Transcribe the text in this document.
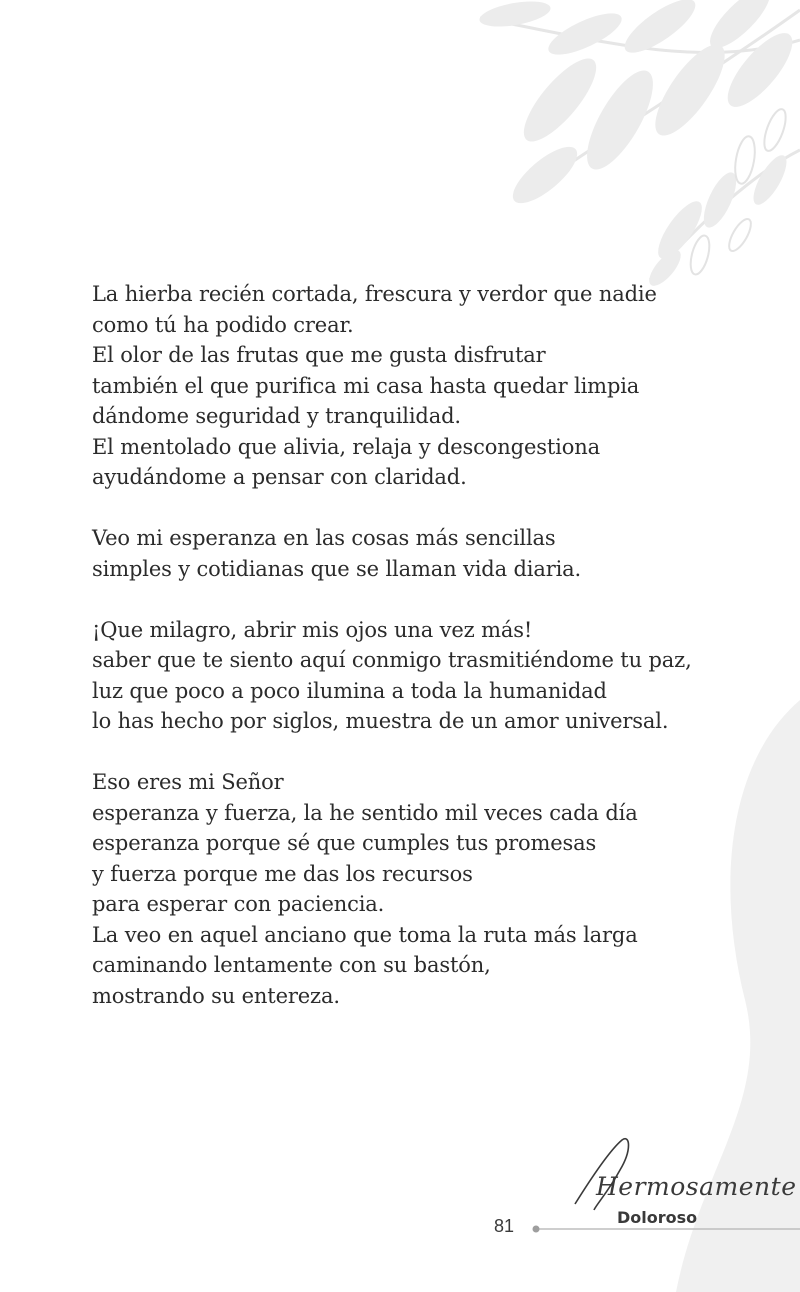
La hierba recién cortada, frescura y verdor que nadie
como tú ha podido crear.
El olor de las frutas que me gusta disfrutar
también el que purifica mi casa hasta quedar limpia
dándome seguridad y tranquilidad.
El mentolado que alivia, relaja y descongestiona
ayudándome a pensar con claridad.
Veo mi esperanza en las cosas más sencillas
simples y cotidianas que se llaman vida diaria.
¡Que milagro, abrir mis ojos una vez más!
saber que te siento aquí conmigo trasmitiéndome tu paz,
luz que poco a poco ilumina a toda la humanidad
lo has hecho por siglos, muestra de un amor universal.
Eso eres mi Señor
esperanza y fuerza, la he sentido mil veces cada día
esperanza porque sé que cumples tus promesas
y fuerza porque me das los recursos
para esperar con paciencia.
La veo en aquel anciano que toma la ruta más larga
caminando lentamente con su bastón,
mostrando su entereza.
81
Hermosamente
Doloroso
